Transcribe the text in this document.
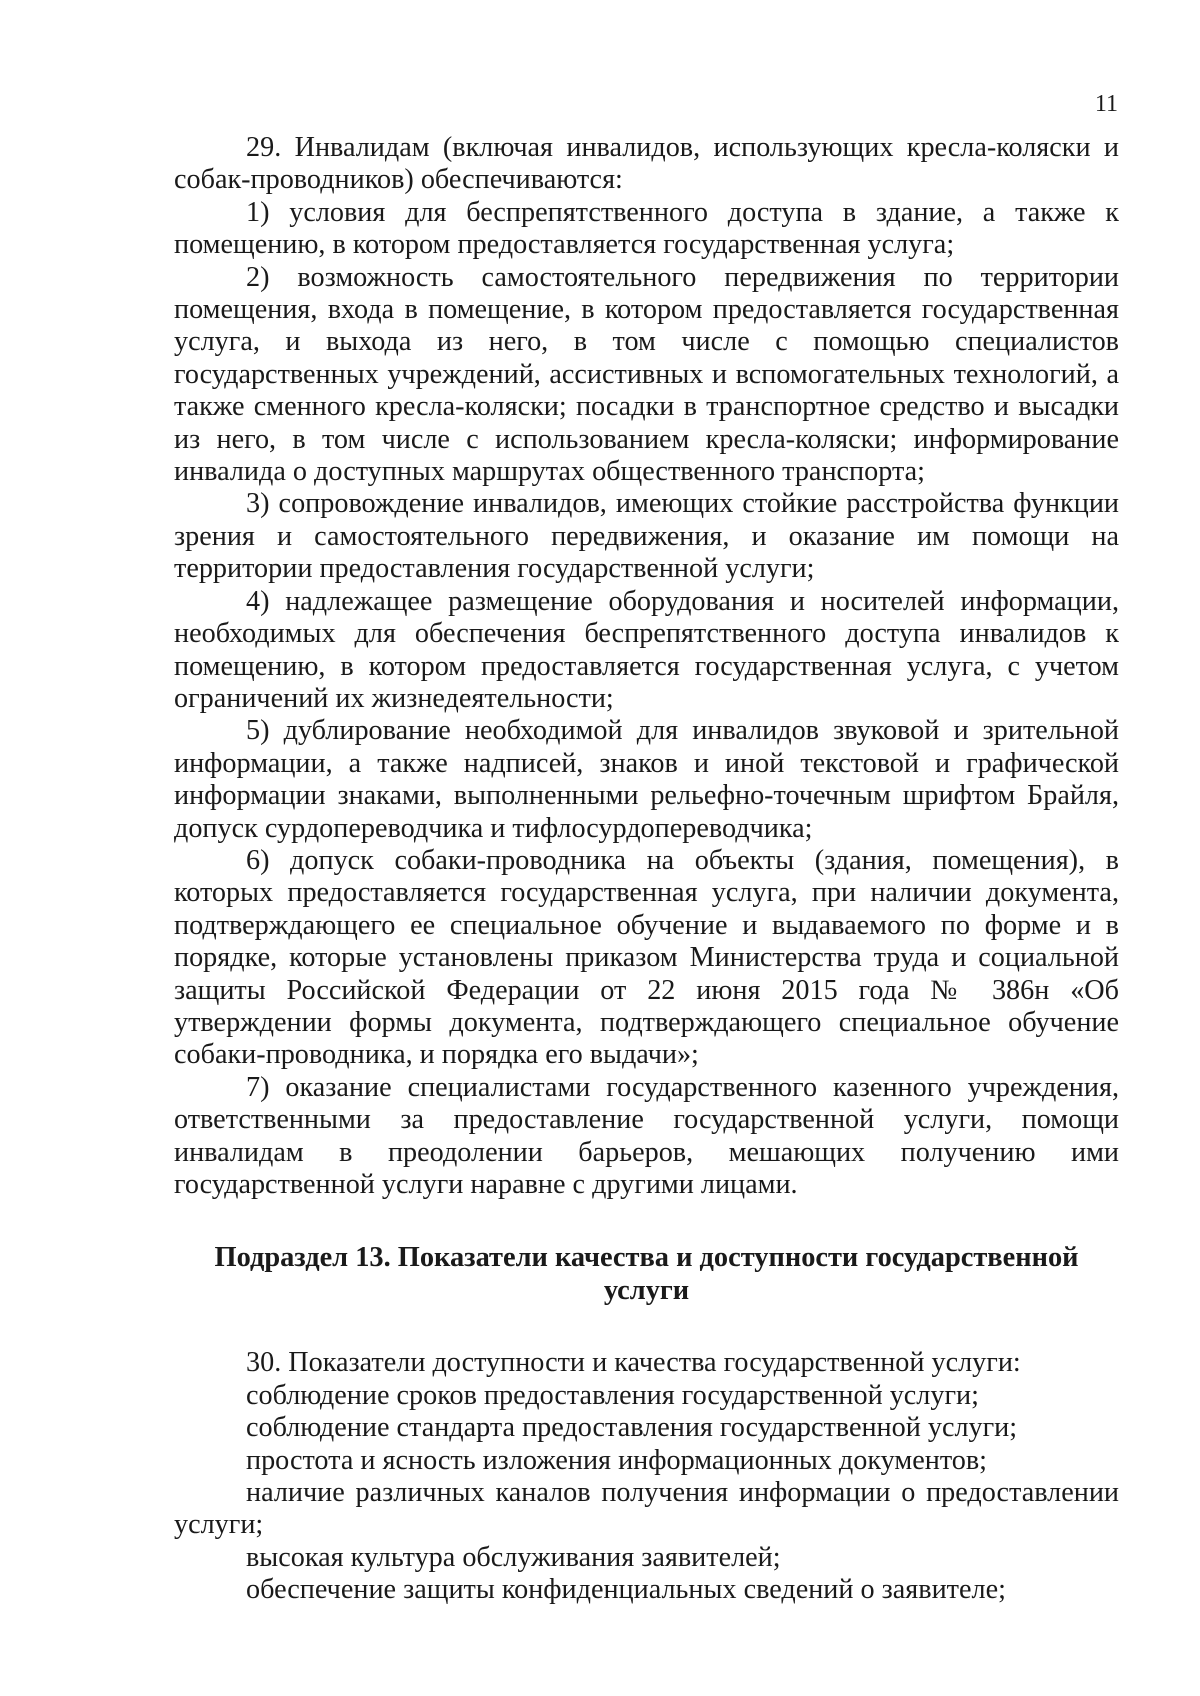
11

29. Инвалидам (включая инвалидов, использующих кресла-коляски и собак-проводников) обеспечиваются:

1) условия для беспрепятственного доступа в здание, а также к помещению, в котором предоставляется государственная услуга;

2) возможность самостоятельного передвижения по территории помещения, входа в помещение, в котором предоставляется государственная услуга, и выхода из него, в том числе с помощью специалистов государственных учреждений, ассистивных и вспомогательных технологий, а также сменного кресла-коляски; посадки в транспортное средство и высадки из него, в том числе с использованием кресла-коляски; информирование инвалида о доступных маршрутах общественного транспорта;

3) сопровождение инвалидов, имеющих стойкие расстройства функции зрения и самостоятельного передвижения, и оказание им помощи на территории предоставления государственной услуги;

4) надлежащее размещение оборудования и носителей информации, необходимых для обеспечения беспрепятственного доступа инвалидов к помещению, в котором предоставляется государственная услуга, с учетом ограничений их жизнедеятельности;

5) дублирование необходимой для инвалидов звуковой и зрительной информации, а также надписей, знаков и иной текстовой и графической информации знаками, выполненными рельефно-точечным шрифтом Брайля, допуск сурдопереводчика и тифлосурдопереводчика;

6) допуск собаки-проводника на объекты (здания, помещения), в которых предоставляется государственная услуга, при наличии документа, подтверждающего ее специальное обучение и выдаваемого по форме и в порядке, которые установлены приказом Министерства труда и социальной защиты Российской Федерации от 22 июня 2015 года № 386н «Об утверждении формы документа, подтверждающего специальное обучение собаки-проводника, и порядка его выдачи»;

7) оказание специалистами государственного казенного учреждения, ответственными за предоставление государственной услуги, помощи инвалидам в преодолении барьеров, мешающих получению ими государственной услуги наравне с другими лицами.

Подраздел 13. Показатели качества и доступности государственной услуги

30. Показатели доступности и качества государственной услуги:

соблюдение сроков предоставления государственной услуги;

соблюдение стандарта предоставления государственной услуги;

простота и ясность изложения информационных документов;

наличие различных каналов получения информации о предоставлении услуги;

высокая культура обслуживания заявителей;

обеспечение защиты конфиденциальных сведений о заявителе;
